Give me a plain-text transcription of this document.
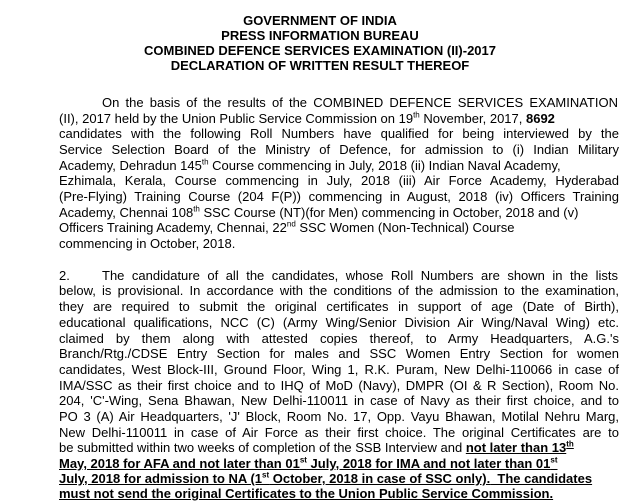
GOVERNMENT OF INDIA
PRESS INFORMATION BUREAU
COMBINED DEFENCE SERVICES EXAMINATION (II)-2017
DECLARATION OF WRITTEN RESULT THEREOF
On the basis of the results of the COMBINED DEFENCE SERVICES EXAMINATION
(II), 2017 held by the Union Public Service Commission on 19th November, 2017, 8692
candidates with the following Roll Numbers have qualified for being interviewed by the
Service Selection Board of the Ministry of Defence, for admission to (i) Indian Military
Academy, Dehradun 145th Course commencing in July, 2018 (ii) Indian Naval Academy,
Ezhimala, Kerala, Course commencing in July, 2018 (iii) Air Force Academy, Hyderabad
(Pre-Flying) Training Course (204 F(P)) commencing in August, 2018 (iv) Officers Training
Academy, Chennai 108th SSC Course (NT)(for Men) commencing in October, 2018 and (v)
Officers Training Academy, Chennai, 22nd SSC Women (Non-Technical) Course
commencing in October, 2018.
2. The candidature of all the candidates, whose Roll Numbers are shown in the lists
below, is provisional. In accordance with the conditions of the admission to the examination,
they are required to submit the original certificates in support of age (Date of Birth),
educational qualifications, NCC (C) (Army Wing/Senior Division Air Wing/Naval Wing) etc.
claimed by them along with attested copies thereof, to Army Headquarters, A.G.'s
Branch/Rtg./CDSE Entry Section for males and SSC Women Entry Section for women
candidates, West Block-III, Ground Floor, Wing 1, R.K. Puram, New Delhi-110066 in case of
IMA/SSC as their first choice and to IHQ of MoD (Navy), DMPR (OI & R Section), Room No.
204, 'C'-Wing, Sena Bhawan, New Delhi-110011 in case of Navy as their first choice, and to
PO 3 (A) Air Headquarters, 'J' Block, Room No. 17, Opp. Vayu Bhawan, Motilal Nehru Marg,
New Delhi-110011 in case of Air Force as their first choice. The original Certificates are to
be submitted within two weeks of completion of the SSB Interview and not later than 13th
May, 2018 for AFA and not later than 01st July, 2018 for IMA and not later than 01st
July, 2018 for admission to NA (1st October, 2018 in case of SSC only).  The candidates
must not send the original Certificates to the Union Public Service Commission.
